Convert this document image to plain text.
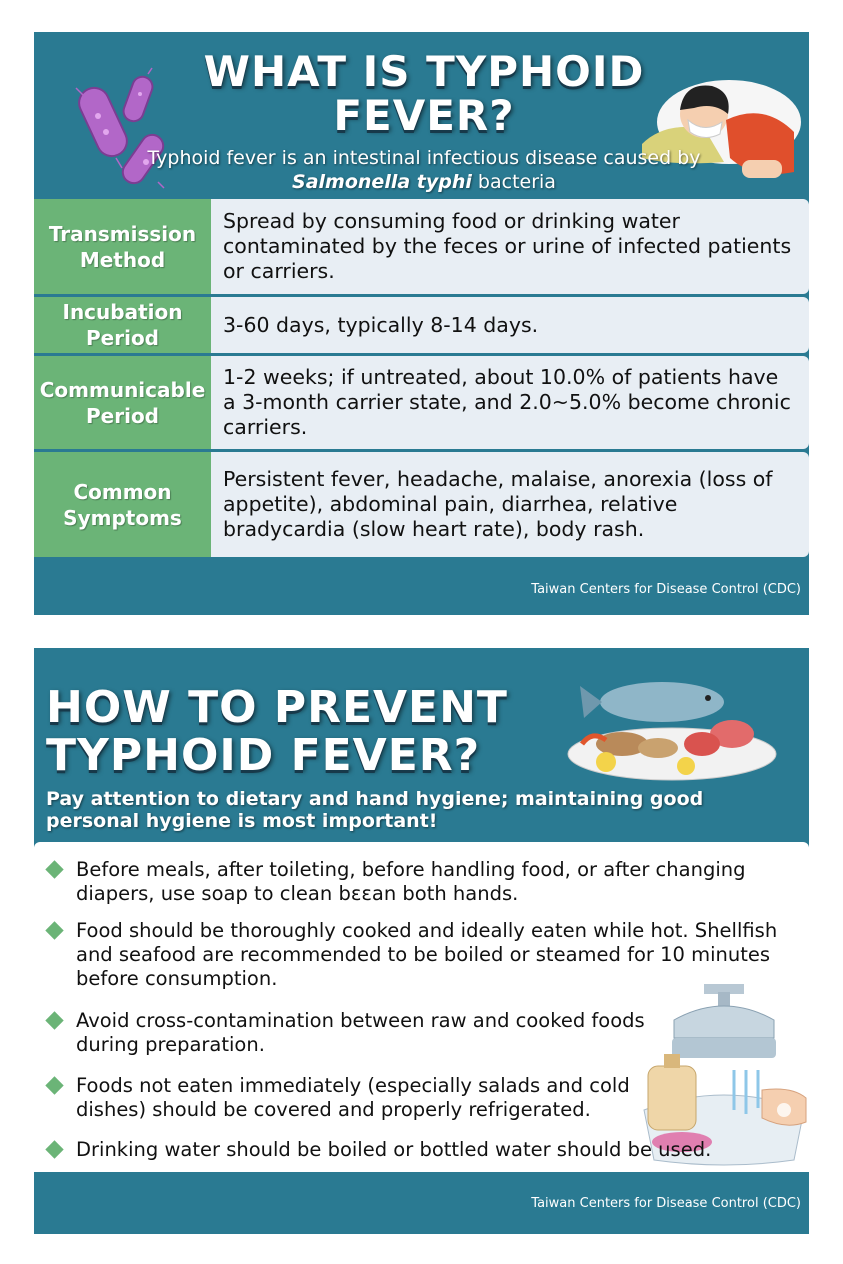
WHAT IS TYPHOID FEVER?
Typhoid fever is an intestinal infectious disease caused by Salmonella typhi bacteria
Transmission Method
Spread by consuming food or drinking water contaminated by the feces or urine of infected patients or carriers.
Incubation Period
3-60 days, typically 8-14 days.
Communicable Period
1-2 weeks; if untreated, about 10.0% of patients have a 3-month carrier state, and 2.0~5.0% become chronic carriers.
Common Symptoms
Persistent fever, headache, malaise, anorexia (loss of appetite), abdominal pain, diarrhea, relative bradycardia (slow heart rate), body rash.
Taiwan Centers for Disease Control (CDC)
HOW TO PREVENT TYPHOID FEVER?
Pay attention to dietary and hand hygiene; maintaining good personal hygiene is most important!
Before meals, after toileting, before handling food, or after changing diapers, use soap to clean bɛɛan both hands.
Food should be thoroughly cooked and ideally eaten while hot. Shellfish and seafood are recommended to be boiled or steamed for 10 minutes before consumption.
Avoid cross-contamination between raw and cooked foods during preparation.
Foods not eaten immediately (especially salads and cold dishes) should be covered and properly refrigerated.
Drinking water should be boiled or bottled water should be used.
Taiwan Centers for Disease Control (CDC)
